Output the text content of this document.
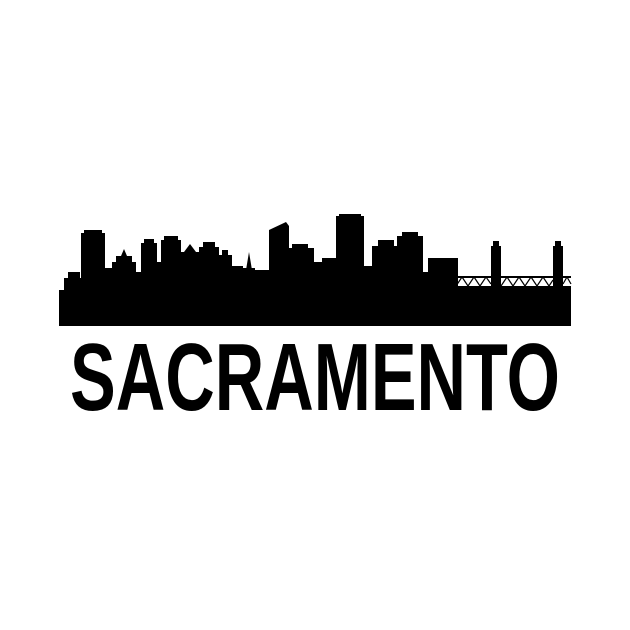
SACRAMENTO
